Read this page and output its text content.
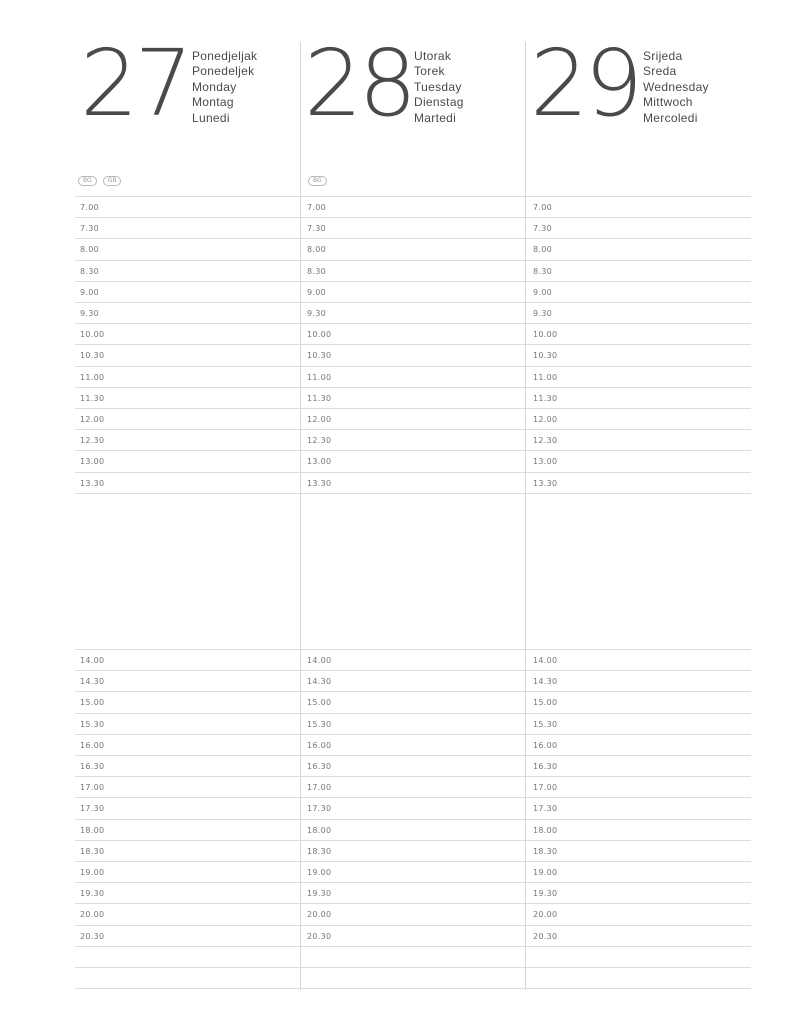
27 Ponedjeljak
Ponedeljek
Monday
Montag
Lunedi
BG	GB
28 Utorak
Torek
Tuesday
Dienstag
Martedi
BG
29 Srijeda
Sreda
Wednesday
Mittwoch
Mercoledi
7.00	7.00	7.00
7.30	7.30	7.30
8.00	8.00	8.00
8.30	8.30	8.30
9.00	9.00	9.00
9.30	9.30	9.30
10.00	10.00	10.00
10.30	10.30	10.30
11.00	11.00	11.00
11.30	11.30	11.30
12.00	12.00	12.00
12.30	12.30	12.30
13.00	13.00	13.00
13.30	13.30	13.30
14.00	14.00	14.00
14.30	14.30	14.30
15.00	15.00	15.00
15.30	15.30	15.30
16.00	16.00	16.00
16.30	16.30	16.30
17.00	17.00	17.00
17.30	17.30	17.30
18.00	18.00	18.00
18.30	18.30	18.30
19.00	19.00	19.00
19.30	19.30	19.30
20.00	20.00	20.00
20.30	20.30	20.30
